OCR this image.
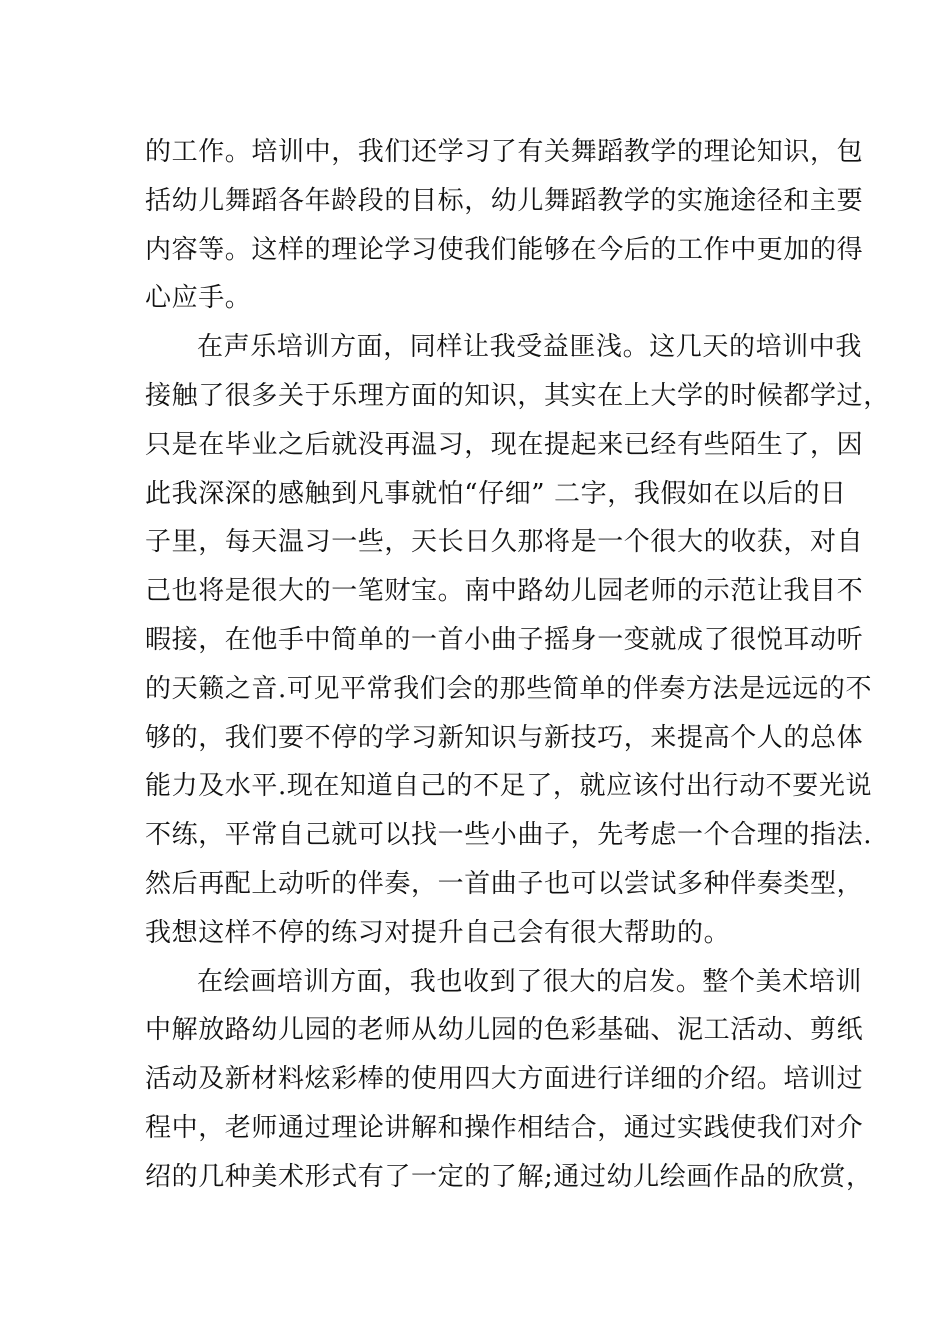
的工作。培训中，我们还学习了有关舞蹈教学的理论知识，包
括幼儿舞蹈各年龄段的目标，幼儿舞蹈教学的实施途径和主要
内容等。这样的理论学习使我们能够在今后的工作中更加的得
心应手。
在声乐培训方面，同样让我受益匪浅。这几天的培训中我
接触了很多关于乐理方面的知识，其实在上大学的时候都学过，
只是在毕业之后就没再温习，现在提起来已经有些陌生了，因
此我深深的感触到凡事就怕“仔细” 二字，我假如在以后的日
子里，每天温习一些，天长日久那将是一个很大的收获，对自
己也将是很大的一笔财宝。南中路幼儿园老师的示范让我目不
暇接，在他手中简单的一首小曲子摇身一变就成了很悦耳动听
的天籁之音.可见平常我们会的那些简单的伴奏方法是远远的不
够的，我们要不停的学习新知识与新技巧，来提高个人的总体
能力及水平.现在知道自己的不足了，就应该付出行动不要光说
不练，平常自己就可以找一些小曲子，先考虑一个合理的指法.
然后再配上动听的伴奏，一首曲子也可以尝试多种伴奏类型，
我想这样不停的练习对提升自己会有很大帮助的。
在绘画培训方面，我也收到了很大的启发。整个美术培训
中解放路幼儿园的老师从幼儿园的色彩基础、泥工活动、剪纸
活动及新材料炫彩棒的使用四大方面进行详细的介绍。培训过
程中，老师通过理论讲解和操作相结合，通过实践使我们对介
绍的几种美术形式有了一定的了解;通过幼儿绘画作品的欣赏，
